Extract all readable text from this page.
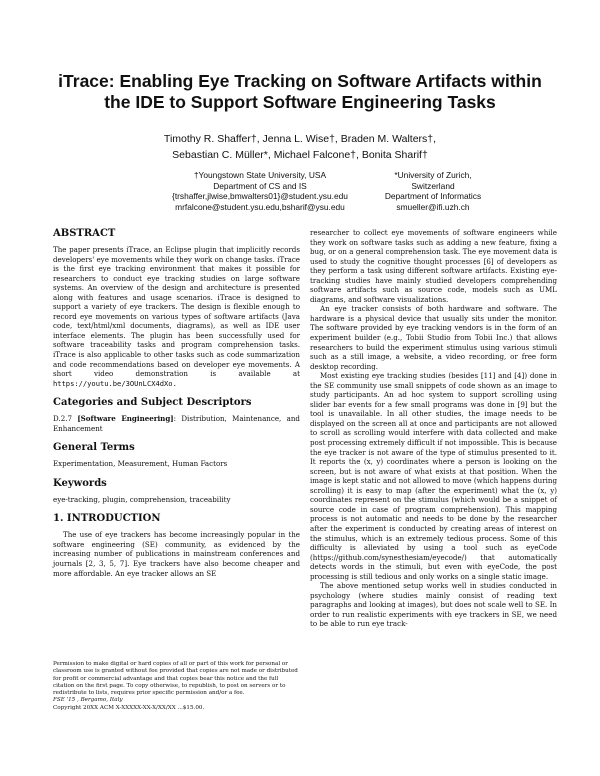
iTrace: Enabling Eye Tracking on Software Artifacts within
the IDE to Support Software Engineering Tasks
Timothy R. Shaffer†, Jenna L. Wise†, Braden M. Walters†,
Sebastian C. Müller*, Michael Falcone†, Bonita Sharif†
†Youngstown State University, USA
Department of CS and IS
{trshaffer,jlwise,bmwalters01}@student.ysu.edu
mrfalcone@student.ysu.edu,bsharif@ysu.edu
*University of Zurich, Switzerland
Department of Informatics
smueller@ifi.uzh.ch
ABSTRACT

The paper presents iTrace, an Eclipse plugin that implicitly records developers' eye movements while they work on change tasks. iTrace is the first eye tracking environment that makes it possible for researchers to conduct eye tracking studies on large software systems. An overview of the design and architecture is presented along with features and usage scenarios. iTrace is designed to support a variety of eye trackers. The design is flexible enough to record eye movements on various types of software artifacts (Java code, text/html/xml documents, diagrams), as well as IDE user interface elements. The plugin has been successfully used for software traceability tasks and program comprehension tasks. iTrace is also applicable to other tasks such as code summarization and code recommendations based on developer eye movements. A short video demonstration is available at https://youtu.be/3OUnLCX4dXo.

Categories and Subject Descriptors

D.2.7 [Software Engineering]: Distribution, Maintenance, and Enhancement

General Terms

Experimentation, Measurement, Human Factors

Keywords

eye-tracking, plugin, comprehension, traceability

1. INTRODUCTION

The use of eye trackers has become increasingly popular in the software engineering (SE) community, as evidenced by the increasing number of publications in mainstream conferences and journals [2, 3, 5, 7]. Eye trackers have also become cheaper and more affordable. An eye tracker allows an SE

Permission to make digital or hard copies of all or part of this work for personal or classroom use is granted without fee provided that copies are not made or distributed for profit or commercial advantage and that copies bear this notice and the full citation on the first page. To copy otherwise, to republish, to post on servers or to redistribute to lists, requires prior specific permission and/or a fee.
FSE '15 , Bergamo, Italy
Copyright 20XX ACM X-XXXXX-XX-X/XX/XX ...$15.00.

researcher to collect eye movements of software engineers while they work on software tasks such as adding a new feature, fixing a bug, or on a general comprehension task. The eye movement data is used to study the cognitive thought processes [6] of developers as they perform a task using different software artifacts. Existing eye-tracking studies have mainly studied developers comprehending software artifacts such as source code, models such as UML diagrams, and software visualizations.

An eye tracker consists of both hardware and software. The hardware is a physical device that usually sits under the monitor. The software provided by eye tracking vendors is in the form of an experiment builder (e.g., Tobii Studio from Tobii Inc.) that allows researchers to build the experiment stimulus using various stimuli such as a still image, a website, a video recording, or free form desktop recording.

Most existing eye tracking studies (besides [11] and [4]) done in the SE community use small snippets of code shown as an image to study participants. An ad hoc system to support scrolling using slider bar events for a few small programs was done in [9] but the tool is unavailable. In all other studies, the image needs to be displayed on the screen all at once and participants are not allowed to scroll as scrolling would interfere with data collected and make post processing extremely difficult if not impossible. This is because the eye tracker is not aware of the type of stimulus presented to it. It reports the (x, y) coordinates where a person is looking on the screen, but is not aware of what exists at that position. When the image is kept static and not allowed to move (which happens during scrolling) it is easy to map (after the experiment) what the (x, y) coordinates represent on the stimulus (which would be a snippet of source code in case of program comprehension). This mapping process is not automatic and needs to be done by the researcher after the experiment is conducted by creating areas of interest on the stimulus, which is an extremely tedious process. Some of this difficulty is alleviated by using a tool such as eyeCode (https://github.com/synesthesiam/eyecode/) that automatically detects words in the stimuli, but even with eyeCode, the post processing is still tedious and only works on a single static image.

The above mentioned setup works well in studies conducted in psychology (where studies mainly consist of reading text paragraphs and looking at images), but does not scale well to SE. In order to run realistic experiments with eye trackers in SE, we need to be able to run eye track-
